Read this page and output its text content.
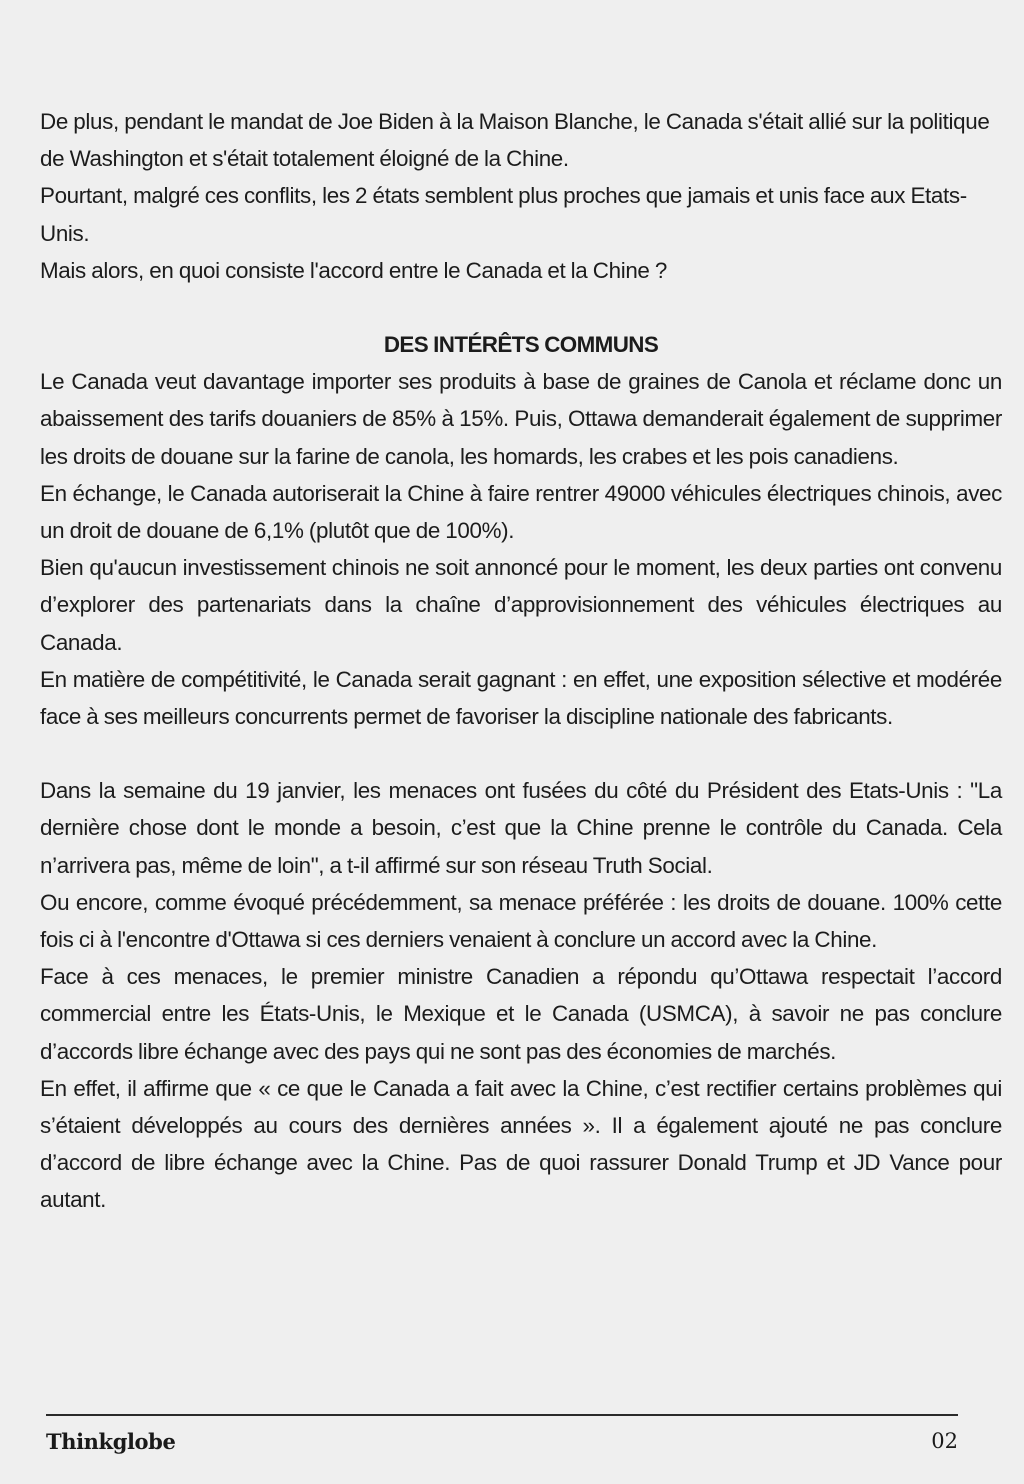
De plus, pendant le mandat de Joe Biden à la Maison Blanche, le Canada s'était allié sur la politique de Washington et s'était totalement éloigné de la Chine.

Pourtant, malgré ces conflits, les 2 états semblent plus proches que jamais et unis face aux Etats-Unis.

Mais alors, en quoi consiste l'accord entre le Canada et la Chine ?

DES INTÉRÊTS COMMUNS

Le Canada veut davantage importer ses produits à base de graines de Canola et réclame donc un abaissement des tarifs douaniers de 85% à 15%. Puis, Ottawa demanderait également de supprimer les droits de douane sur la farine de canola, les homards, les crabes et les pois canadiens.

En échange, le Canada autoriserait la Chine à faire rentrer 49000 véhicules électriques chinois, avec un droit de douane de 6,1% (plutôt que de 100%).

Bien qu'aucun investissement chinois ne soit annoncé pour le moment, les deux parties ont convenu d’explorer des partenariats dans la chaîne d’approvisionnement des véhicules électriques au Canada.

En matière de compétitivité, le Canada serait gagnant : en effet, une exposition sélective et modérée face à ses meilleurs concurrents permet de favoriser la discipline nationale des fabricants.

Dans la semaine du 19 janvier, les menaces ont fusées du côté du Président des Etats-Unis : "La dernière chose dont le monde a besoin, c’est que la Chine prenne le contrôle du Canada. Cela n’arrivera pas, même de loin", a t-il affirmé sur son réseau Truth Social.

Ou encore, comme évoqué précédemment, sa menace préférée : les droits de douane. 100% cette fois ci à l'encontre d'Ottawa si ces derniers venaient à conclure un accord avec la Chine.

Face à ces menaces, le premier ministre Canadien a répondu qu’Ottawa respectait l’accord commercial entre les États-Unis, le Mexique et le Canada (USMCA), à savoir ne pas conclure d’accords libre échange avec des pays qui ne sont pas des économies de marchés.

En effet, il affirme que « ce que le Canada a fait avec la Chine, c’est rectifier certains problèmes qui s’étaient développés au cours des dernières années ». Il a également ajouté ne pas conclure d’accord de libre échange avec la Chine. Pas de quoi rassurer Donald Trump et JD Vance pour autant.

Thinkglobe	02
